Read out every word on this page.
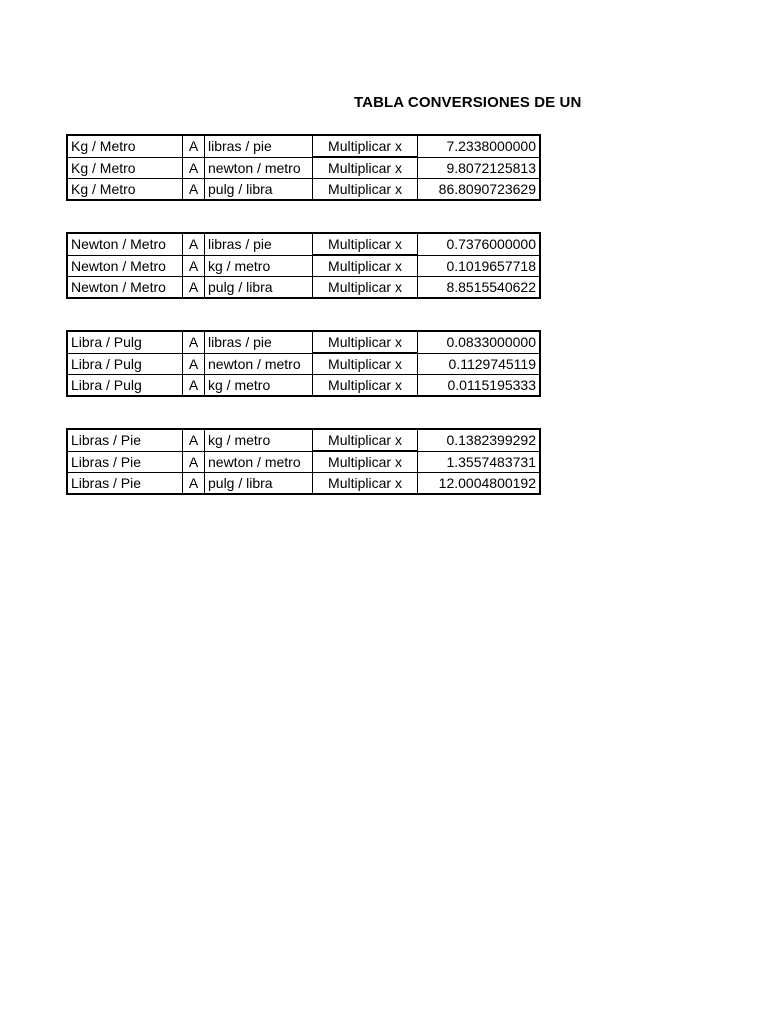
TABLA CONVERSIONES DE UN
Kg / Metro	A	libras / pie	Multiplicar x	7.2338000000
Kg / Metro	A	newton / metro	Multiplicar x	9.8072125813
Kg / Metro	A	pulg / libra	Multiplicar x	86.8090723629
Newton / Metro	A	libras / pie	Multiplicar x	0.7376000000
Newton / Metro	A	kg / metro	Multiplicar x	0.1019657718
Newton / Metro	A	pulg / libra	Multiplicar x	8.8515540622
Libra / Pulg	A	libras / pie	Multiplicar x	0.0833000000
Libra / Pulg	A	newton / metro	Multiplicar x	0.1129745119
Libra / Pulg	A	kg / metro	Multiplicar x	0.0115195333
Libras / Pie	A	kg / metro	Multiplicar x	0.1382399292
Libras / Pie	A	newton / metro	Multiplicar x	1.3557483731
Libras / Pie	A	pulg / libra	Multiplicar x	12.0004800192
